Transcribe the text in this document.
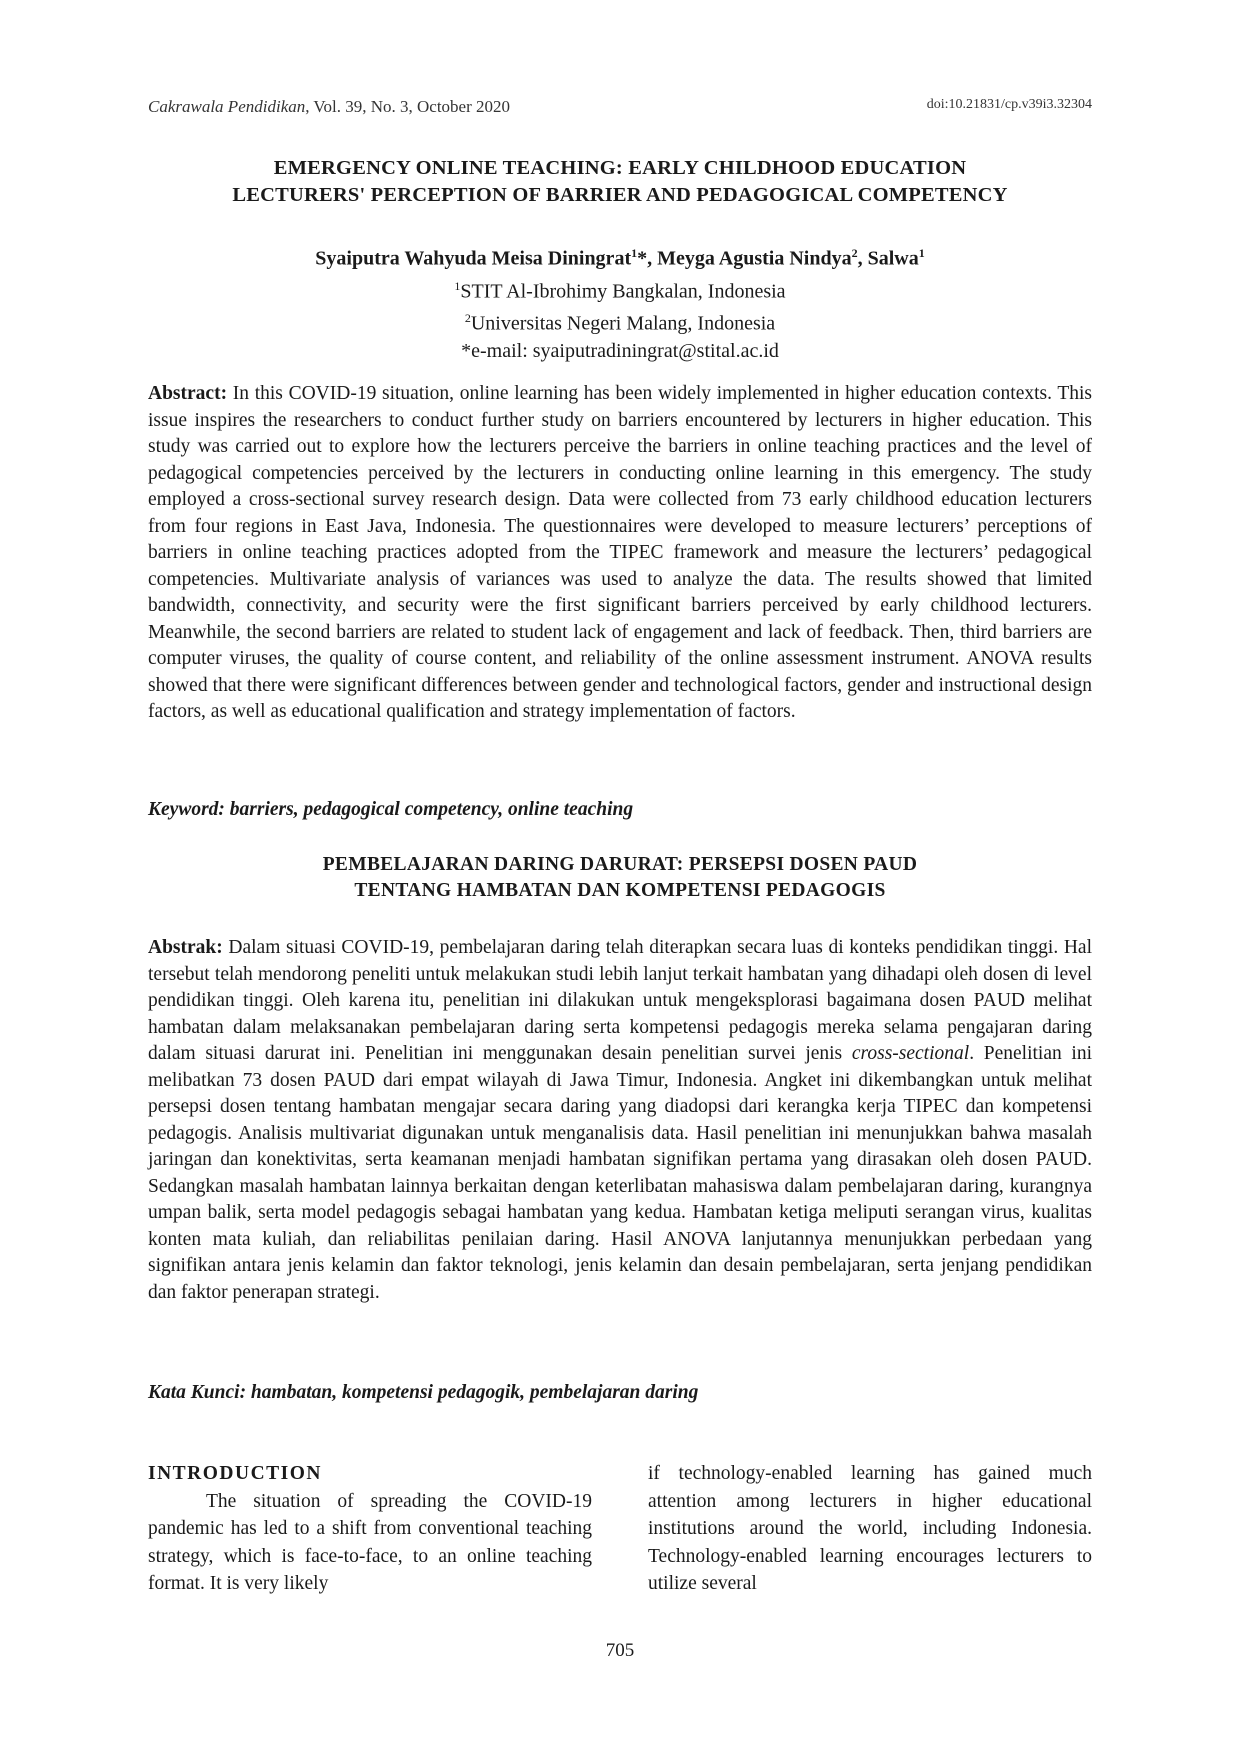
Cakrawala Pendidikan, Vol. 39, No. 3, October 2020	doi:10.21831/cp.v39i3.32304
EMERGENCY ONLINE TEACHING: EARLY CHILDHOOD EDUCATION
LECTURERS' PERCEPTION OF BARRIER AND PEDAGOGICAL COMPETENCY
Syaiputra Wahyuda Meisa Diningrat$^1$*, Meyga Agustia Nindya$^2$, Salwa$^1$
$^1$STIT Al-Ibrohimy Bangkalan, Indonesia
$^2$Universitas Negeri Malang, Indonesia
*e-mail: syaiputradiningrat@stital.ac.id
Abstract: In this COVID-19 situation, online learning has been widely implemented in higher education contexts. This issue inspires the researchers to conduct further study on barriers encountered by lecturers in higher education. This study was carried out to explore how the lecturers perceive the barriers in online teaching practices and the level of pedagogical competencies perceived by the lecturers in conducting online learning in this emergency. The study employed a cross-sectional survey research design. Data were collected from 73 early childhood education lecturers from four regions in East Java, Indonesia. The questionnaires were developed to measure lecturers’ perceptions of barriers in online teaching practices adopted from the TIPEC framework and measure the lecturers’ pedagogical competencies. Multivariate analysis of variances was used to analyze the data. The results showed that limited bandwidth, connectivity, and security were the first significant barriers perceived by early childhood lecturers. Meanwhile, the second barriers are related to student lack of engagement and lack of feedback. Then, third barriers are computer viruses, the quality of course content, and reliability of the online assessment instrument. ANOVA results showed that there were significant differences between gender and technological factors, gender and instructional design factors, as well as educational qualification and strategy implementation of factors.
Keyword: barriers, pedagogical competency, online teaching
PEMBELAJARAN DARING DARURAT: PERSEPSI DOSEN PAUD
TENTANG HAMBATAN DAN KOMPETENSI PEDAGOGIS
Abstrak: Dalam situasi COVID-19, pembelajaran daring telah diterapkan secara luas di konteks pendidikan tinggi. Hal tersebut telah mendorong peneliti untuk melakukan studi lebih lanjut terkait hambatan yang dihadapi oleh dosen di level pendidikan tinggi. Oleh karena itu, penelitian ini dilakukan untuk mengeksplorasi bagaimana dosen PAUD melihat hambatan dalam melaksanakan pembelajaran daring serta kompetensi pedagogis mereka selama pengajaran daring dalam situasi darurat ini. Penelitian ini menggunakan desain penelitian survei jenis cross-sectional. Penelitian ini melibatkan 73 dosen PAUD dari empat wilayah di Jawa Timur, Indonesia. Angket ini dikembangkan untuk melihat persepsi dosen tentang hambatan mengajar secara daring yang diadopsi dari kerangka kerja TIPEC dan kompetensi pedagogis. Analisis multivariat digunakan untuk menganalisis data. Hasil penelitian ini menunjukkan bahwa masalah jaringan dan konektivitas, serta keamanan menjadi hambatan signifikan pertama yang dirasakan oleh dosen PAUD. Sedangkan masalah hambatan lainnya berkaitan dengan keterlibatan mahasiswa dalam pembelajaran daring, kurangnya umpan balik, serta model pedagogis sebagai hambatan yang kedua. Hambatan ketiga meliputi serangan virus, kualitas konten mata kuliah, dan reliabilitas penilaian daring. Hasil ANOVA lanjutannya menunjukkan perbedaan yang signifikan antara jenis kelamin dan faktor teknologi, jenis kelamin dan desain pembelajaran, serta jenjang pendidikan dan faktor penerapan strategi.
Kata Kunci: hambatan, kompetensi pedagogik, pembelajaran daring
INTRODUCTION
The situation of spreading the COVID-19 pandemic has led to a shift from conventional teaching strategy, which is face-to-face, to an online teaching format. It is very likely
if technology-enabled learning has gained much attention among lecturers in higher educational institutions around the world, including Indonesia. Technology-enabled learning encourages lecturers to utilize several
705
